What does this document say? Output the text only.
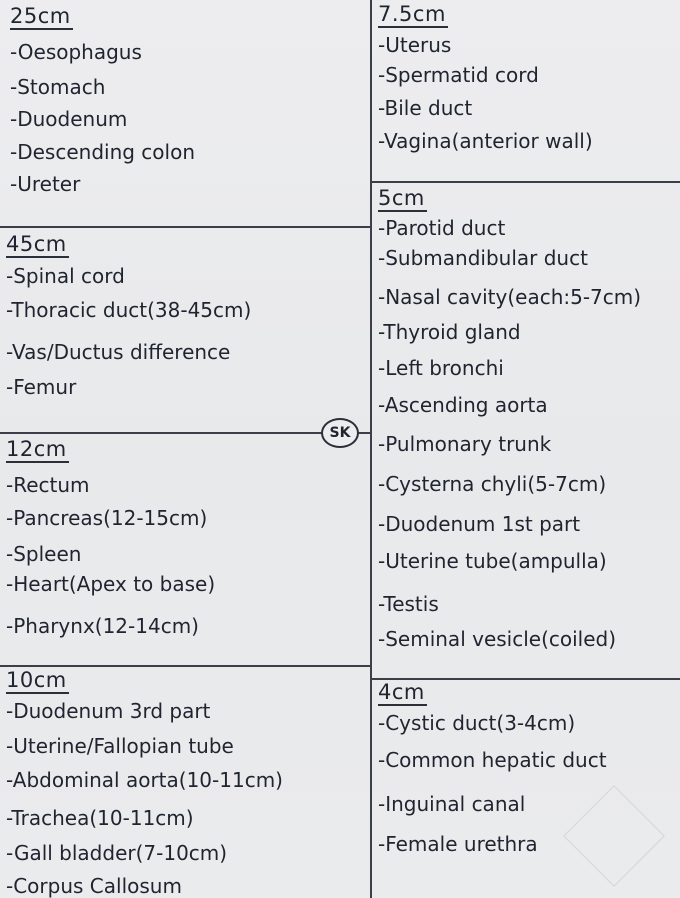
SK
25cm
-Oesophagus
-Stomach
-Duodenum
-Descending colon
-Ureter
45cm
-Spinal cord
-Thoracic duct(38-45cm)
-Vas/Ductus difference
-Femur
12cm
-Rectum
-Pancreas(12-15cm)
-Spleen
-Heart(Apex to base)
-Pharynx(12-14cm)
10cm
-Duodenum 3rd part
-Uterine/Fallopian tube
-Abdominal aorta(10-11cm)
-Trachea(10-11cm)
-Gall bladder(7-10cm)
-Corpus Callosum
7.5cm
-Uterus
-Spermatid cord
-Bile duct
-Vagina(anterior wall)
5cm
-Parotid duct
-Submandibular duct
-Nasal cavity(each:5-7cm)
-Thyroid gland
-Left bronchi
-Ascending aorta
-Pulmonary trunk
-Cysterna chyli(5-7cm)
-Duodenum 1st part
-Uterine tube(ampulla)
-Testis
-Seminal vesicle(coiled)
4cm
-Cystic duct(3-4cm)
-Common hepatic duct
-Inguinal canal
-Female urethra
